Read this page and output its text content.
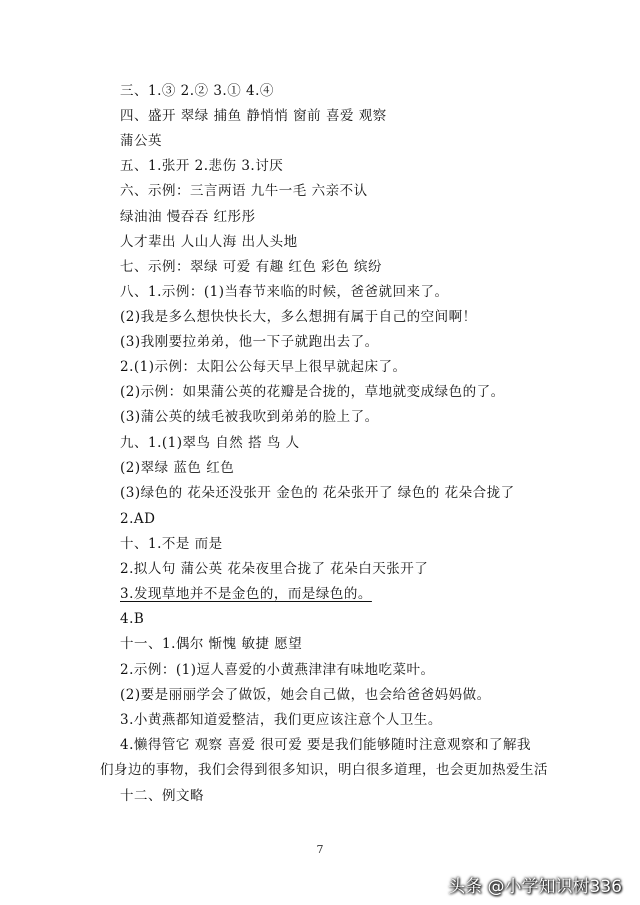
三、1.③ 2.② 3.① 4.④
四、盛开 翠绿 捕鱼 静悄悄 窗前 喜爱 观察
蒲公英
五、1.张开 2.悲伤 3.讨厌
六、示例：三言两语 九牛一毛 六亲不认
绿油油 慢吞吞 红彤彤
人才辈出 人山人海 出人头地
七、示例：翠绿 可爱 有趣 红色 彩色 缤纷
八、1.示例：(1)当春节来临的时候，爸爸就回来了。
(2)我是多么想快快长大，多么想拥有属于自己的空间啊！
(3)我刚要拉弟弟，他一下子就跑出去了。
2.(1)示例：太阳公公每天早上很早就起床了。
(2)示例：如果蒲公英的花瓣是合拢的，草地就变成绿色的了。
(3)蒲公英的绒毛被我吹到弟弟的脸上了。
九、1.(1)翠鸟 自然 搭 鸟 人
(2)翠绿 蓝色 红色
(3)绿色的 花朵还没张开 金色的 花朵张开了 绿色的 花朵合拢了
2.AD
十、1.不是 而是
2.拟人句 蒲公英 花朵夜里合拢了 花朵白天张开了
3.发现草地并不是金色的，而是绿色的。
4.B
十一、1.偶尔 惭愧 敏捷 愿望
2.示例：(1)逗人喜爱的小黄燕津津有味地吃菜叶。
(2)要是丽丽学会了做饭，她会自己做，也会给爸爸妈妈做。
3.小黄燕都知道爱整洁，我们更应该注意个人卫生。
4.懒得管它 观察 喜爱 很可爱 要是我们能够随时注意观察和了解我
们身边的事物，我们会得到很多知识，明白很多道理，也会更加热爱生活
十二、例文略
7
头条 @小学知识树336
